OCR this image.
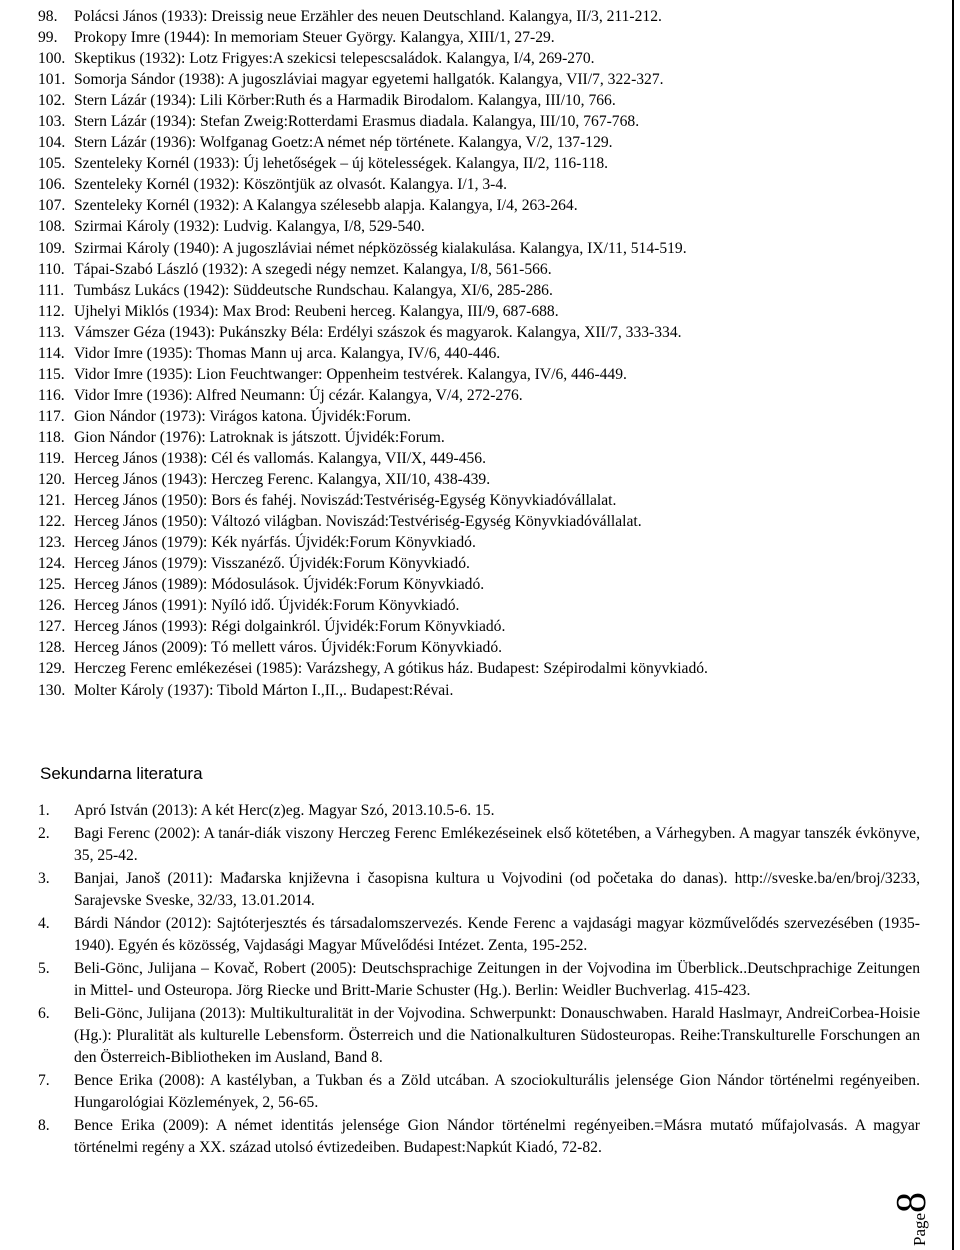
98.	Polácsi János (1933): Dreissig neue Erzähler des neuen Deutschland. Kalangya, II/3, 211-212.
99.	Prokopy Imre (1944): In memoriam Steuer György. Kalangya, XIII/1, 27-29.
100. Skeptikus (1932): Lotz Frigyes:A szekicsi telepescsaládok. Kalangya, I/4, 269-270.
101. Somorja Sándor (1938): A jugoszláviai magyar egyetemi hallgatók. Kalangya, VII/7, 322-327.
102. Stern Lázár (1934): Lili Körber:Ruth és a Harmadik Birodalom. Kalangya, III/10, 766.
103. Stern Lázár (1934): Stefan Zweig:Rotterdami Erasmus diadala. Kalangya, III/10, 767-768.
104. Stern Lázár (1936): Wolfganag Goetz:A német nép története. Kalangya, V/2, 137-129.
105. Szenteleky Kornél (1933): Új lehetőségek – új kötelességek. Kalangya, II/2, 116-118.
106. Szenteleky Kornél (1932): Köszöntjük az olvasót. Kalangya. I/1, 3-4.
107. Szenteleky Kornél (1932): A Kalangya szélesebb alapja. Kalangya, I/4, 263-264.
108. Szirmai Károly (1932): Ludvig. Kalangya, I/8, 529-540.
109. Szirmai Károly (1940): A jugoszláviai német népközösség kialakulása. Kalangya, IX/11, 514-519.
110. Tápai-Szabó László (1932): A szegedi négy nemzet. Kalangya, I/8, 561-566.
111. Tumbász Lukács (1942): Süddeutsche Rundschau. Kalangya, XI/6, 285-286.
112. Ujhelyi Miklós (1934): Max Brod: Reubeni herceg. Kalangya, III/9, 687-688.
113. Vámszer Géza (1943): Pukánszky Béla: Erdélyi szászok és magyarok. Kalangya, XII/7, 333-334.
114. Vidor Imre (1935): Thomas Mann uj arca. Kalangya, IV/6, 440-446.
115. Vidor Imre (1935): Lion Feuchtwanger: Oppenheim testvérek. Kalangya, IV/6, 446-449.
116. Vidor Imre (1936): Alfred Neumann: Új cézár. Kalangya, V/4, 272-276.
117. Gion Nándor (1973): Virágos katona. Újvidék:Forum.
118. Gion Nándor (1976): Latroknak is játszott. Újvidék:Forum.
119. Herceg János (1938): Cél és vallomás. Kalangya, VII/X, 449-456.
120. Herceg János (1943): Herczeg Ferenc. Kalangya, XII/10, 438-439.
121. Herceg János (1950): Bors és fahéj. Noviszád:Testvériség-Egység Könyvkiadóvállalat.
122. Herceg János (1950): Változó világban. Noviszád:Testvériség-Egység Könyvkiadóvállalat.
123. Herceg János (1979): Kék nyárfás. Újvidék:Forum Könyvkiadó.
124. Herceg János (1979): Visszanéző. Újvidék:Forum Könyvkiadó.
125. Herceg János (1989): Módosulások. Újvidék:Forum Könyvkiadó.
126. Herceg János (1991): Nyíló idő. Újvidék:Forum Könyvkiadó.
127. Herceg János (1993): Régi dolgainkról. Újvidék:Forum Könyvkiadó.
128. Herceg János (2009): Tó mellett város. Újvidék:Forum Könyvkiadó.
129. Herczeg Ferenc emlékezései (1985): Varázshegy, A gótikus ház. Budapest: Szépirodalmi könyvkiadó.
130. Molter Károly (1937): Tibold Márton I.,II.,. Budapest:Révai.
Sekundarna literatura
1.	Apró István (2013): A két Herc(z)eg. Magyar Szó, 2013.10.5-6. 15.
2.	Bagi Ferenc (2002): A tanár-diák viszony Herczeg Ferenc Emlékezéseinek első kötetében, a Várhegyben. A magyar tanszék évkönyve, 35, 25-42.
3.	Banjai, Janoš (2011): Mađarska književna i časopisna kultura u Vojvodini (od početaka do danas). http://sveske.ba/en/broj/3233, Sarajevske Sveske, 32/33, 13.01.2014.
4.	Bárdi Nándor (2012): Sajtóterjesztés és társadalomszervezés. Kende Ferenc a vajdasági magyar közművelődés szervezésében (1935-1940). Egyén és közösség, Vajdasági Magyar Művelődési Intézet. Zenta, 195-252.
5.	Beli-Gönc, Julijana – Kovač, Robert (2005): Deutschsprachige Zeitungen in der Vojvodina im Überblick..Deutschprachige Zeitungen in Mittel- und Osteuropa. Jörg Riecke und Britt-Marie Schuster (Hg.). Berlin: Weidler Buchverlag. 415-423.
6.	Beli-Gönc, Julijana (2013): Multikulturalität in der Vojvodina. Schwerpunkt: Donauschwaben. Harald Haslmayr, AndreiCorbea-Hoisie (Hg.): Pluralität als kulturelle Lebensform. Österreich und die Nationalkulturen Südosteuropas. Reihe:Transkulturelle Forschungen an den Österreich-Bibliotheken im Ausland, Band 8.
7.	Bence Erika (2008): A kastélyban, a Tukban és a Zöld utcában. A szociokulturális jelensége Gion Nándor történelmi regényeiben. Hungarológiai Közlemények, 2, 56-65.
8.	Bence Erika (2009): A német identitás jelensége Gion Nándor történelmi regényeiben.=Másra mutató műfajolvasás. A magyar történelmi regény a XX. század utolsó évtizedeiben. Budapest:Napkút Kiadó, 72-82.
Page
8
